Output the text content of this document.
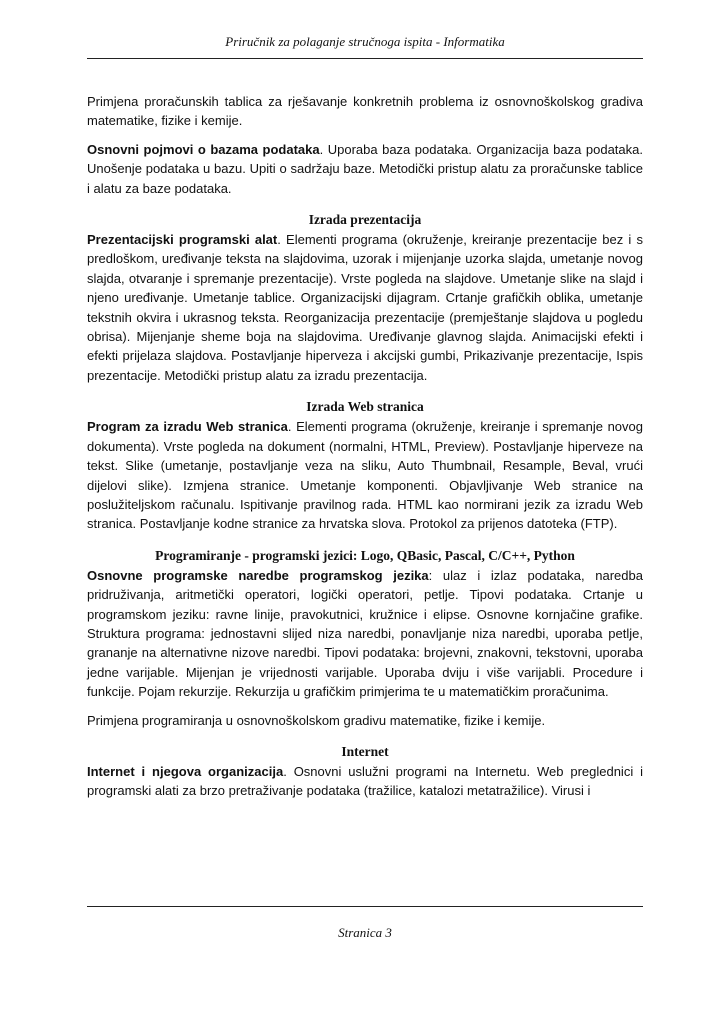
Priručnik za polaganje stručnoga ispita - Informatika

Primjena proračunskih tablica za rješavanje konkretnih problema iz osnovnoškolskog gradiva matematike, fizike i kemije.

Osnovni pojmovi o bazama podataka. Uporaba baza podataka. Organizacija baza podataka. Unošenje podataka u bazu. Upiti o sadržaju baze. Metodički pristup alatu za proračunske tablice i alatu za baze podataka.

Izrada prezentacija

Prezentacijski programski alat. Elementi programa (okruženje, kreiranje prezentacije bez i s predloškom, uređivanje teksta na slajdovima, uzorak i mijenjanje uzorka slajda, umetanje novog slajda, otvaranje i spremanje prezentacije). Vrste pogleda na slajdove. Umetanje slike na slajd i njeno uređivanje. Umetanje tablice. Organizacijski dijagram. Crtanje grafičkih oblika, umetanje tekstnih okvira i ukrasnog teksta. Reorganizacija prezentacije (premještanje slajdova u pogledu obrisa). Mijenjanje sheme boja na slajdovima. Uređivanje glavnog slajda. Animacijski efekti i efekti prijelaza slajdova. Postavljanje hiperveza i akcijski gumbi, Prikazivanje prezentacije, Ispis prezentacije. Metodički pristup alatu za izradu prezentacija.

Izrada Web stranica

Program za izradu Web stranica. Elementi programa (okruženje, kreiranje i spremanje novog dokumenta). Vrste pogleda na dokument (normalni, HTML, Preview). Postavljanje hiperveze na tekst. Slike (umetanje, postavljanje veza na sliku, Auto Thumbnail, Resample, Beval, vrući dijelovi slike). Izmjena stranice. Umetanje komponenti. Objavljivanje Web stranice na poslužiteljskom računalu. Ispitivanje pravilnog rada. HTML kao normirani jezik za izradu Web stranica. Postavljanje kodne stranice za hrvatska slova. Protokol za prijenos datoteka (FTP).

Programiranje - programski jezici: Logo, QBasic, Pascal, C/C++, Python

Osnovne programske naredbe programskog jezika: ulaz i izlaz podataka, naredba pridruživanja, aritmetički operatori, logički operatori, petlje. Tipovi podataka. Crtanje u programskom jeziku: ravne linije, pravokutnici, kružnice i elipse. Osnovne kornjačine grafike. Struktura programa: jednostavni slijed niza naredbi, ponavljanje niza naredbi, uporaba petlje, grananje na alternativne nizove naredbi. Tipovi podataka: brojevni, znakovni, tekstovni, uporaba jedne varijable. Mijenjan je vrijednosti varijable. Uporaba dviju i više varijabli. Procedure i funkcije. Pojam rekurzije. Rekurzija u grafičkim primjerima te u matematičkim proračunima.

Primjena programiranja u osnovnoškolskom gradivu matematike, fizike i kemije.

Internet

Internet i njegova organizacija. Osnovni uslužni programi na Internetu. Web preglednici i programski alati za brzo pretraživanje podataka (tražilice, katalozi metatražilice). Virusi i

Stranica 3
